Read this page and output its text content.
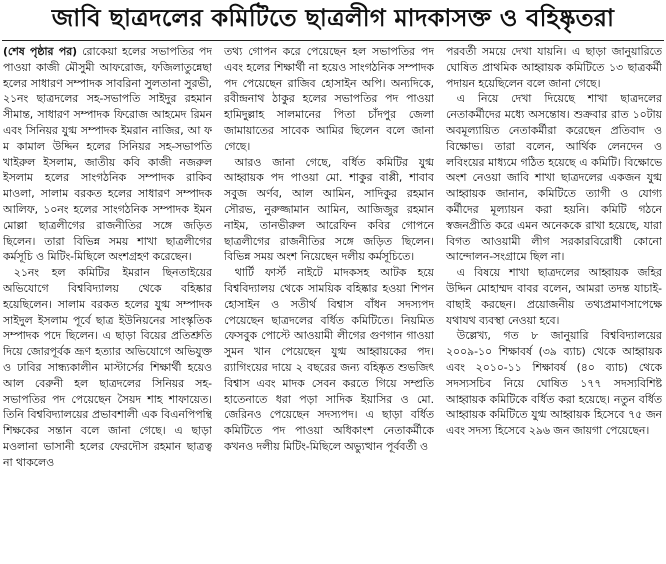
জাবি ছাত্রদলের কমিটিতে ছাত্রলীগ মাদকাসক্ত ও বহিষ্কৃতরা

(শেষ পৃষ্ঠার পর) রোকেয়া হলের সভাপতির পদ পাওয়া কাজী মৌসুমী আফরোজ, ফজিলাতুন্নেছা হলের সাধারণ সম্পাদক সাবরিনা সুলতানা সুরভী, ২১নং ছাত্রদলের সহ-সভাপতি সাইদুর রহমান সীমান্ত, সাধারণ সম্পাদক ফিরোজ আহমেদ রিমন এবং সিনিয়র যুগ্ম সম্পাদক ইমরান নাজির, আ ফ ম কামাল উদ্দিন হলের সিনিয়র সহ-সভাপতি খাইরুল ইসলাম, জাতীয় কবি কাজী নজরুল ইসলাম হলের সাংগঠনিক সম্পাদক রাকিব মাওলা, সালাম বরকত হলের সাধারণ সম্পাদক আলিফ, ১০নং হলের সাংগঠনিক সম্পাদক ইমন মোল্লা ছাত্রলীগের রাজনীতির সঙ্গে জড়িত ছিলেন। তারা বিভিন্ন সময় শাখা ছাত্রলীগের কর্মসূচি ও মিটিং-মিছিলে অংশগ্রহণ করেছেন।

২১নং হল কমিটির ইমরান ছিনতাইয়ের অভিযোগে বিশ্ববিদ্যালয় থেকে বহিষ্কার হয়েছিলেন। সালাম বরকত হলের যুগ্ম সম্পাদক সাইদুল ইসলাম পূর্বে ছাত্র ইউনিয়নের সাংস্কৃতিক সম্পাদক পদে ছিলেন। এ ছাড়া বিয়ের প্রতিশ্রুতি দিয়ে জোরপূর্বক ভ্রূণ হত্যার অভিযোগে অভিযুক্ত ও ঢাবির সান্ধ্যকালীন মাস্টার্সের শিক্ষার্থী হয়েও আল বেরুনী হল ছাত্রদলের সিনিয়র সহ-সভাপতির পদ পেয়েছেন সৈয়দ শাহ শাফায়েত। তিনি বিশ্ববিদ্যালয়ের প্রভাবশালী এক বিএনপিপন্থি শিক্ষকের সন্তান বলে জানা গেছে। এ ছাড়া মওলানা ভাসানী হলের ফেরদৌস রহমান ছাত্রত্ব না থাকলেও

তথ্য গোপন করে পেয়েছেন হল সভাপতির পদ এবং হলের শিক্ষার্থী না হয়েও সাংগঠনিক সম্পাদক পদ পেয়েছেন রাজিব হোসাইন অপি। অন্যদিকে, রবীন্দ্রনাথ ঠাকুর হলের সভাপতির পদ পাওয়া হামিদুল্লাহ সালমানের পিতা চাঁদপুর জেলা জামায়াতের সাবেক আমির ছিলেন বলে জানা গেছে।

আরও জানা গেছে, বর্ধিত কমিটির যুগ্ম আহ্বায়ক পদ পাওয়া মো. শাকুর বাপ্পী, শাবাব সবুজ অর্ণব, আল আমিন, সাদিকুর রহমান সৌরভ, নুরুজ্জামান আমিন, আজিজুর রহমান নাইম, তানভীরুল আরেফিন কবির গোপনে ছাত্রলীগের রাজনীতির সঙ্গে জড়িত ছিলেন। বিভিন্ন সময় অংশ নিয়েছেন দলীয় কর্মসূচিতে।

থার্টি ফার্স্ট নাইটে মাদকসহ আটক হয়ে বিশ্ববিদ্যালয় থেকে সাময়িক বহিষ্কার হওয়া শিপন হোসাইন ও সতীর্থ বিশ্বাস বাঁধন সদস্যপদ পেয়েছেন ছাত্রদলের বর্ধিত কমিটিতে। নিয়মিত ফেসবুক পোস্টে আওয়ামী লীগের গুণগান গাওয়া সুমন খান পেয়েছেন যুগ্ম আহ্বায়কের পদ। র‌্যাগিংয়ের দায়ে ২ বছরের জন্য বহিষ্কৃত শুভজিৎ বিশ্বাস এবং মাদক সেবন করতে গিয়ে সম্প্রতি হাতেনাতে ধরা পড়া সাদিক ইয়াসির ও মো. জেরিনও পেয়েছেন সদস্যপদ। এ ছাড়া বর্ধিত কমিটিতে পদ পাওয়া অধিকাংশ নেতাকর্মীকে কখনও দলীয় মিটিং-মিছিলে অভ্যুত্থান পূর্ববর্তী ও

পরবর্তী সময়ে দেখা যায়নি। এ ছাড়া জানুয়ারিতে ঘোষিত প্রাথমিক আহ্বায়ক কমিটিতে ১৩ ছাত্রকর্মী পদায়ন হয়েছিলেন বলে জানা গেছে।

এ নিয়ে দেখা দিয়েছে শাখা ছাত্রদলের নেতাকর্মীদের মধ্যে অসন্তোষ। শুক্রবার রাত ১০টায় অবমূল্যায়িত নেতাকর্মীরা করেছেন প্রতিবাদ ও বিক্ষোভ। তারা বলেন, আর্থিক লেনদেন ও লবিংয়ের মাধ্যমে গঠিত হয়েছে এ কমিটি। বিক্ষোভে অংশ নেওয়া জাবি শাখা ছাত্রদলের একজন যুগ্ম আহ্বায়ক জানান, কমিটিতে ত্যাগী ও যোগ্য কর্মীদের মূল্যায়ন করা হয়নি। কমিটি গঠনে স্বজনপ্রীতি করে এমন অনেককে রাখা হয়েছে, যারা বিগত আওয়ামী লীগ সরকারবিরোধী কোনো আন্দোলন-সংগ্রামে ছিল না।

এ বিষয়ে শাখা ছাত্রদলের আহ্বায়ক জহির উদ্দিন মোহাম্মদ বাবর বলেন, আমরা তদন্ত যাচাই-বাছাই করছেন। প্রয়োজনীয় তথ্যপ্রমাণসাপেক্ষে যথাযথ ব্যবস্থা নেওয়া হবে।

উল্লেখ্য, গত ৮ জানুয়ারি বিশ্ববিদ্যালয়ের ২০০৯-১০ শিক্ষাবর্ষ (৩৯ ব্যাচ) থেকে আহ্বায়ক এবং ২০১০-১১ শিক্ষাবর্ষ (৪০ ব্যাচ) থেকে সদস্যসচিব নিয়ে ঘোষিত ১৭৭ সদস্যবিশিষ্ট আহ্বায়ক কমিটিকে বর্ধিত করা হয়েছে। নতুন বর্ধিত আহ্বায়ক কমিটিতে যুগ্ম আহ্বায়ক হিসেবে ৭৫ জন এবং সদস্য হিসেবে ২৯৬ জন জায়গা পেয়েছেন।
